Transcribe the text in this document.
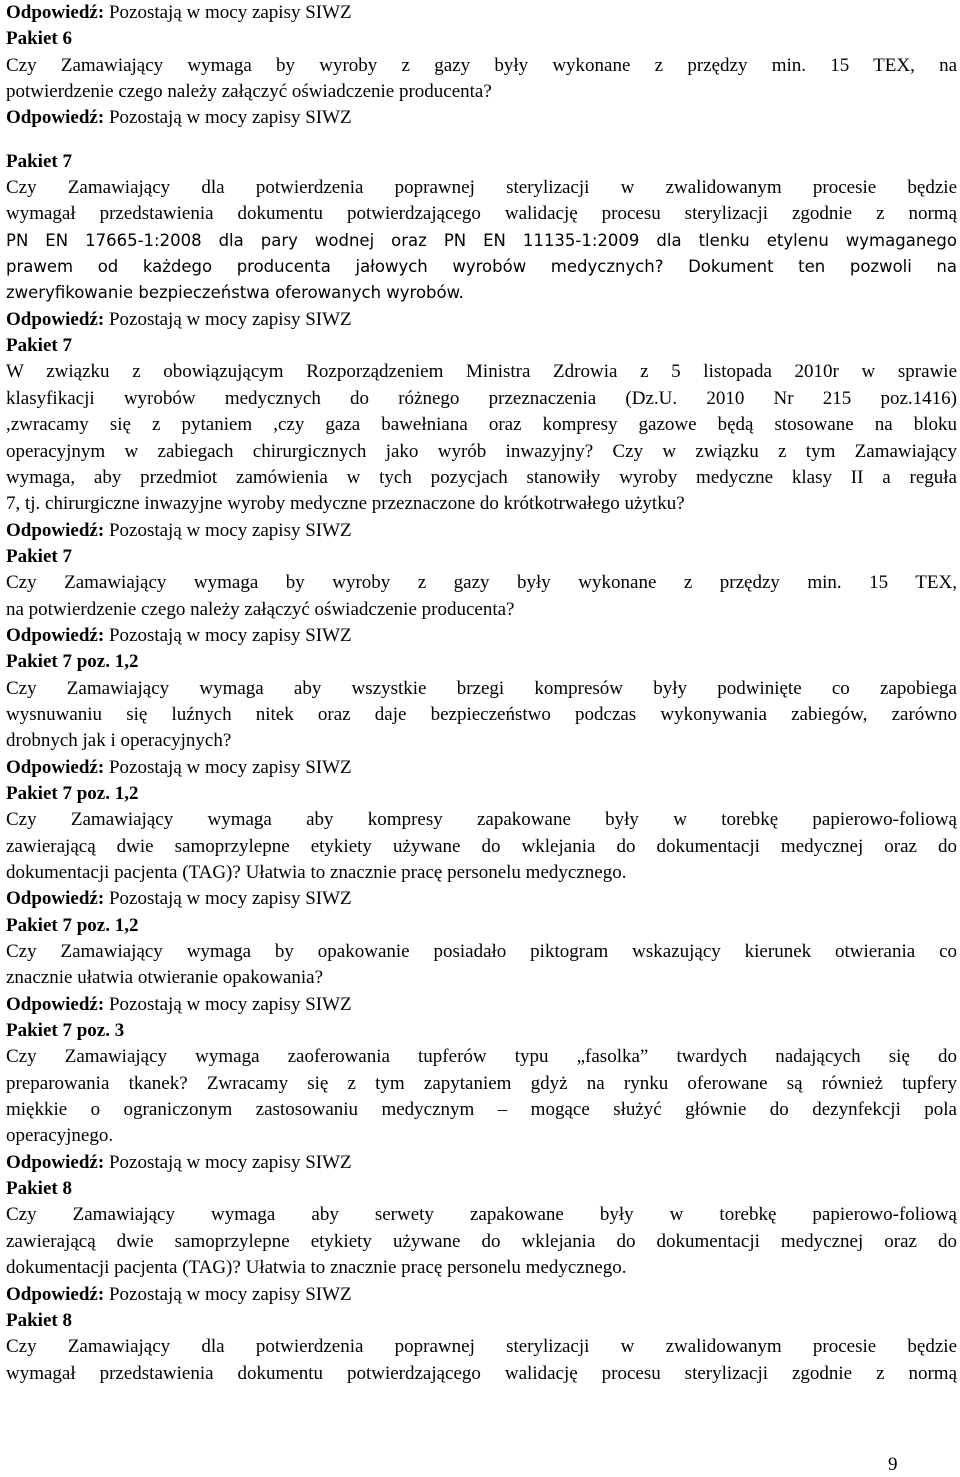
Odpowiedź: Pozostają w mocy zapisy SIWZ
Pakiet 6
Czy Zamawiający wymaga by wyroby z gazy były wykonane z przędzy min. 15 TEX, na
potwierdzenie czego należy załączyć oświadczenie producenta?
Odpowiedź: Pozostają w mocy zapisy SIWZ
Pakiet 7
Czy Zamawiający dla potwierdzenia poprawnej sterylizacji w zwalidowanym procesie będzie
wymagał przedstawienia dokumentu potwierdzającego walidację procesu sterylizacji zgodnie z normą
PN EN 17665-1:2008 dla pary wodnej oraz PN EN 11135-1:2009 dla tlenku etylenu wymaganego
prawem od każdego producenta jałowych wyrobów medycznych? Dokument ten pozwoli na
zweryfikowanie bezpieczeństwa oferowanych wyrobów.
Odpowiedź: Pozostają w mocy zapisy SIWZ
Pakiet 7
W związku z obowiązującym Rozporządzeniem Ministra Zdrowia z 5 listopada 2010r w sprawie
klasyfikacji wyrobów medycznych do różnego przeznaczenia (Dz.U. 2010 Nr 215 poz.1416)
,zwracamy się z pytaniem ,czy gaza bawełniana oraz kompresy gazowe będą stosowane na bloku
operacyjnym w zabiegach chirurgicznych jako wyrób inwazyjny? Czy w związku z tym Zamawiający
wymaga, aby przedmiot zamówienia w tych pozycjach stanowiły wyroby medyczne klasy II a reguła
7, tj. chirurgiczne inwazyjne wyroby medyczne przeznaczone do krótkotrwałego użytku?
Odpowiedź: Pozostają w mocy zapisy SIWZ
Pakiet 7
Czy Zamawiający wymaga by wyroby z gazy były wykonane z przędzy min. 15 TEX,
na potwierdzenie czego należy załączyć oświadczenie producenta?
Odpowiedź: Pozostają w mocy zapisy SIWZ
Pakiet 7 poz. 1,2
Czy Zamawiający wymaga aby wszystkie brzegi kompresów były podwinięte co zapobiega
wysnuwaniu się luźnych nitek oraz daje bezpieczeństwo podczas wykonywania zabiegów, zarówno
drobnych jak i operacyjnych?
Odpowiedź: Pozostają w mocy zapisy SIWZ
Pakiet 7 poz. 1,2
Czy Zamawiający wymaga aby kompresy zapakowane były w torebkę papierowo-foliową
zawierającą dwie samoprzylepne etykiety używane do wklejania do dokumentacji medycznej oraz do
dokumentacji pacjenta (TAG)? Ułatwia to znacznie pracę personelu medycznego.
Odpowiedź: Pozostają w mocy zapisy SIWZ
Pakiet 7 poz. 1,2
Czy Zamawiający wymaga by opakowanie posiadało piktogram wskazujący kierunek otwierania co
znacznie ułatwia otwieranie opakowania?
Odpowiedź: Pozostają w mocy zapisy SIWZ
Pakiet 7 poz. 3
Czy Zamawiający wymaga zaoferowania tupferów typu „fasolka” twardych nadających się do
preparowania tkanek? Zwracamy się z tym zapytaniem gdyż na rynku oferowane są również tupfery
miękkie o ograniczonym zastosowaniu medycznym – mogące służyć głównie do dezynfekcji pola
operacyjnego.
Odpowiedź: Pozostają w mocy zapisy SIWZ
Pakiet 8
Czy Zamawiający wymaga aby serwety zapakowane były w torebkę papierowo-foliową
zawierającą dwie samoprzylepne etykiety używane do wklejania do dokumentacji medycznej oraz do
dokumentacji pacjenta (TAG)? Ułatwia to znacznie pracę personelu medycznego.
Odpowiedź: Pozostają w mocy zapisy SIWZ
Pakiet 8
Czy Zamawiający dla potwierdzenia poprawnej sterylizacji w zwalidowanym procesie będzie
wymagał przedstawienia dokumentu potwierdzającego walidację procesu sterylizacji zgodnie z normą
9
